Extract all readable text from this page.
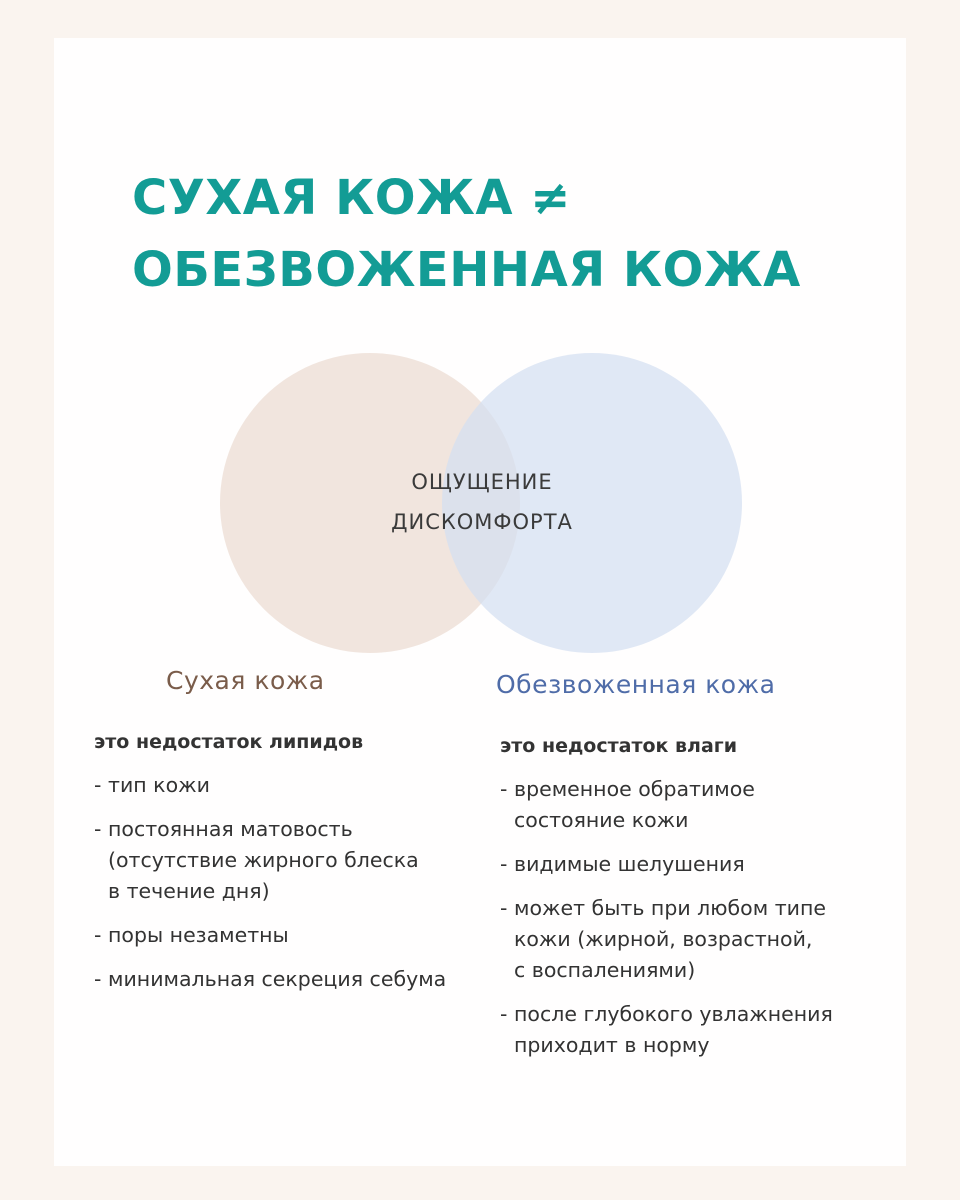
СУХАЯ КОЖА ≠
ОБЕЗВОЖЕННАЯ КОЖА
ОЩУЩЕНИЕ
ДИСКОМФОРТА
Сухая кожа	Обезвоженная кожа
это недостаток липидов
- тип кожи
- постоянная матовость
(отсутствие жирного блеска
в течение дня)
- поры незаметны
- минимальная секреция себума
это недостаток влаги
- временное обратимое
состояние кожи
- видимые шелушения
- может быть при любом типе
кожи (жирной, возрастной,
с воспалениями)
- после глубокого увлажнения
приходит в норму
